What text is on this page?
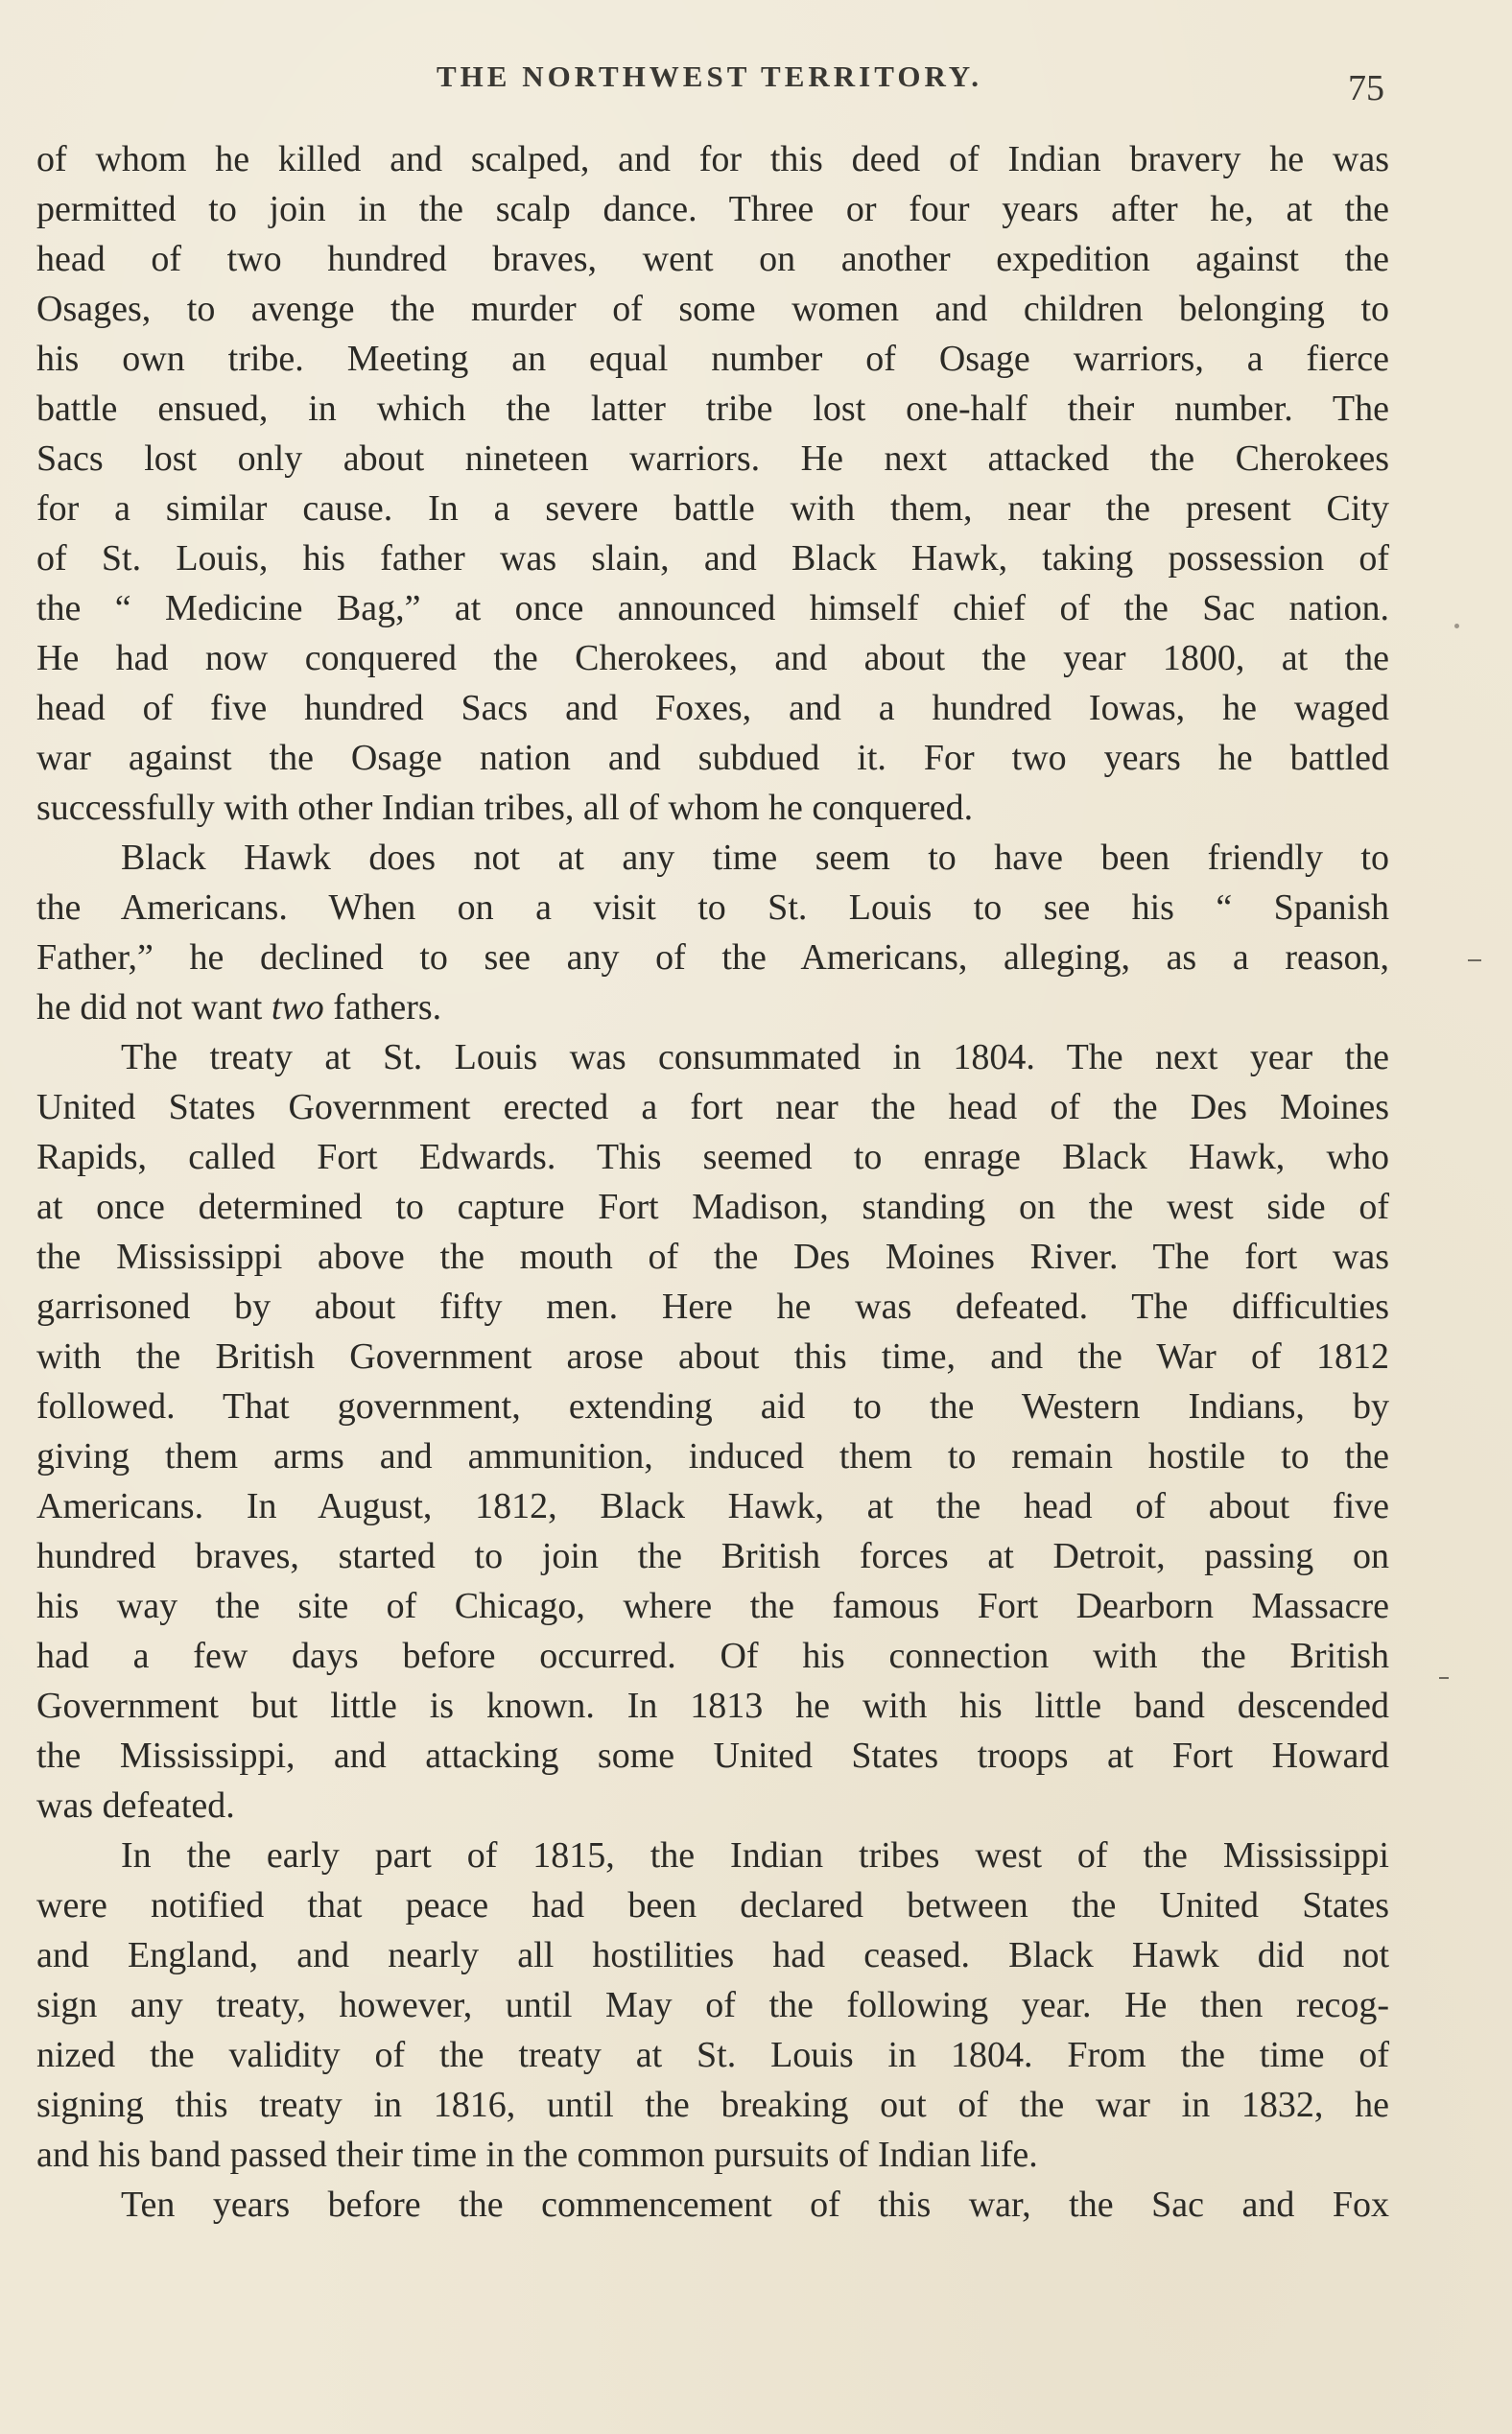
THE NORTHWEST TERRITORY.	75
of whom he killed and scalped, and for this deed of Indian bravery he was
permitted to join in the scalp dance. Three or four years after he, at the
head of two hundred braves, went on another expedition against the
Osages, to avenge the murder of some women and children belonging to
his own tribe. Meeting an equal number of Osage warriors, a fierce
battle ensued, in which the latter tribe lost one-half their number. The
Sacs lost only about nineteen warriors. He next attacked the Cherokees
for a similar cause. In a severe battle with them, near the present City
of St. Louis, his father was slain, and Black Hawk, taking possession of
the “ Medicine Bag,” at once announced himself chief of the Sac nation.
He had now conquered the Cherokees, and about the year 1800, at the
head of five hundred Sacs and Foxes, and a hundred Iowas, he waged
war against the Osage nation and subdued it. For two years he battled
successfully with other Indian tribes, all of whom he conquered.
Black Hawk does not at any time seem to have been friendly to
the Americans. When on a visit to St. Louis to see his “ Spanish
Father,” he declined to see any of the Americans, alleging, as a reason,
he did not want two fathers.
The treaty at St. Louis was consummated in 1804. The next year the
United States Government erected a fort near the head of the Des Moines
Rapids, called Fort Edwards. This seemed to enrage Black Hawk, who
at once determined to capture Fort Madison, standing on the west side of
the Mississippi above the mouth of the Des Moines River. The fort was
garrisoned by about fifty men. Here he was defeated. The difficulties
with the British Government arose about this time, and the War of 1812
followed. That government, extending aid to the Western Indians, by
giving them arms and ammunition, induced them to remain hostile to the
Americans. In August, 1812, Black Hawk, at the head of about five
hundred braves, started to join the British forces at Detroit, passing on
his way the site of Chicago, where the famous Fort Dearborn Massacre
had a few days before occurred. Of his connection with the British
Government but little is known. In 1813 he with his little band descended
the Mississippi, and attacking some United States troops at Fort Howard
was defeated.
In the early part of 1815, the Indian tribes west of the Mississippi
were notified that peace had been declared between the United States
and England, and nearly all hostilities had ceased. Black Hawk did not
sign any treaty, however, until May of the following year. He then recog-
nized the validity of the treaty at St. Louis in 1804. From the time of
signing this treaty in 1816, until the breaking out of the war in 1832, he
and his band passed their time in the common pursuits of Indian life.
Ten years before the commencement of this war, the Sac and Fox
